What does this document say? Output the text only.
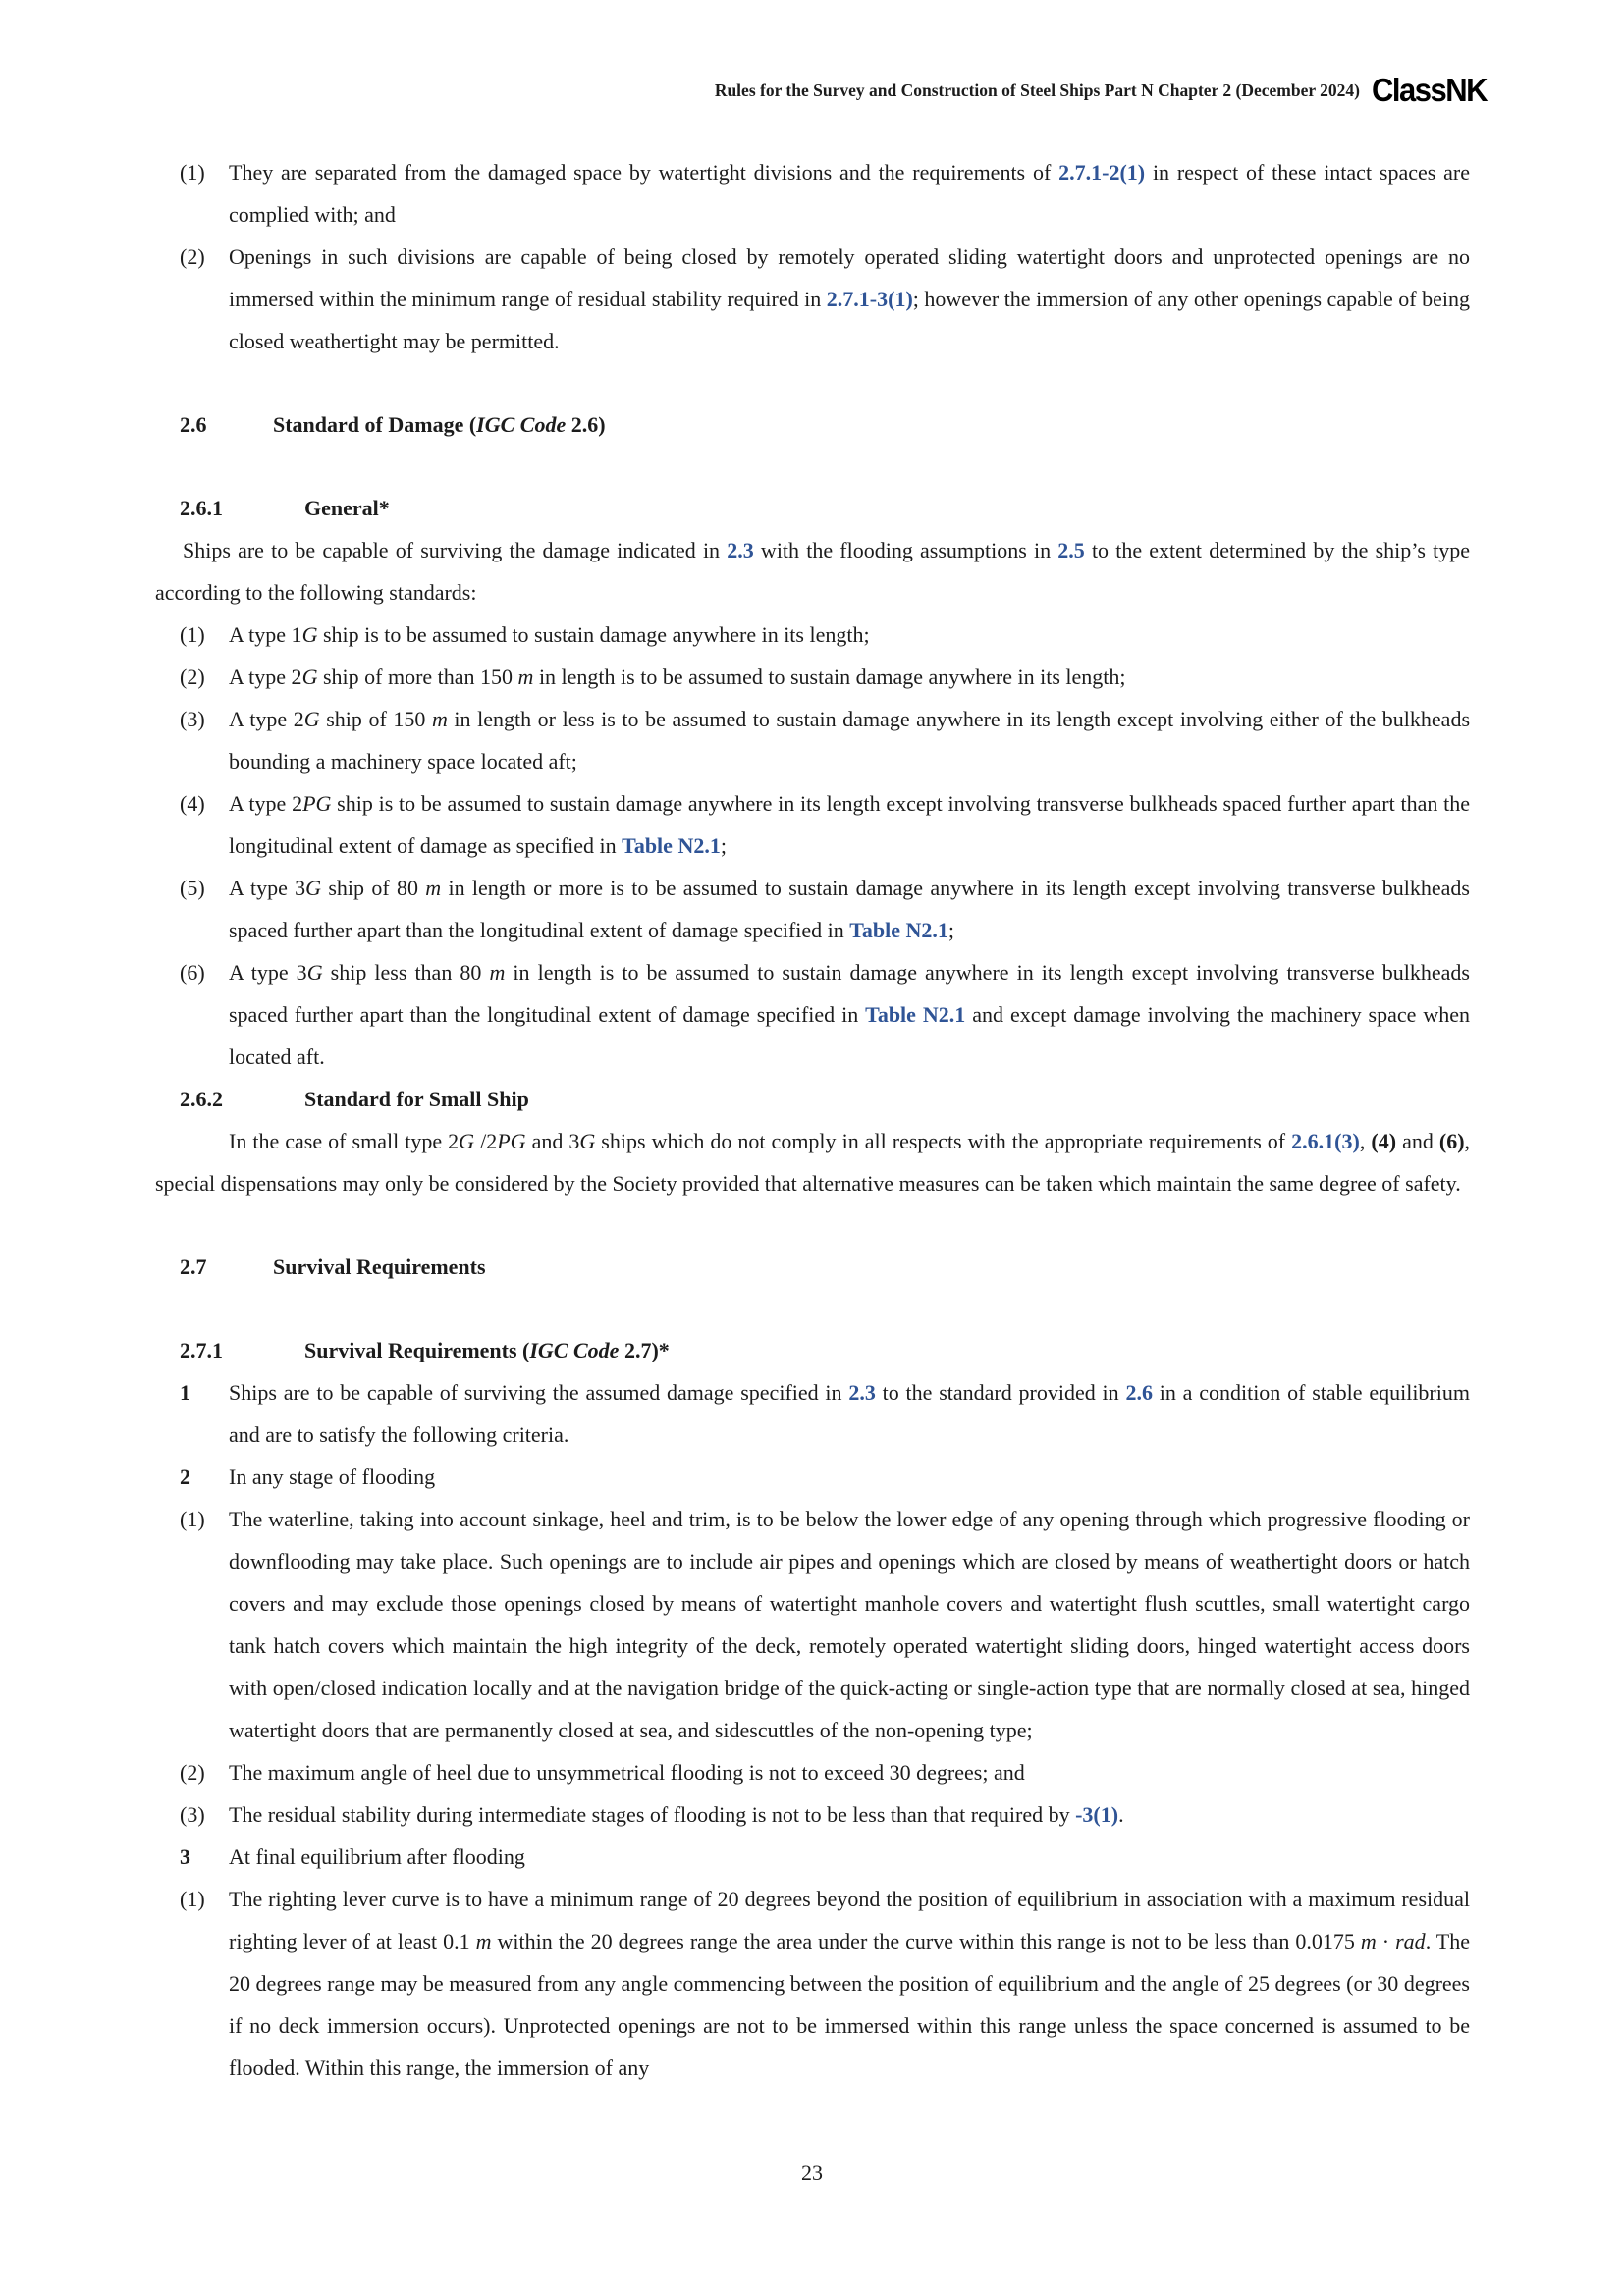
Rules for the Survey and Construction of Steel Ships Part N Chapter 2 (December 2024) ClassNK
(1) They are separated from the damaged space by watertight divisions and the requirements of 2.7.1-2(1) in respect of these intact spaces are complied with; and
(2) Openings in such divisions are capable of being closed by remotely operated sliding watertight doors and unprotected openings are no immersed within the minimum range of residual stability required in 2.7.1-3(1); however the immersion of any other openings capable of being closed weathertight may be permitted.
2.6	Standard of Damage (IGC Code 2.6)
2.6.1	General*
Ships are to be capable of surviving the damage indicated in 2.3 with the flooding assumptions in 2.5 to the extent determined by the ship’s type according to the following standards:
(1) A type 1G ship is to be assumed to sustain damage anywhere in its length;
(2) A type 2G ship of more than 150 m in length is to be assumed to sustain damage anywhere in its length;
(3) A type 2G ship of 150 m in length or less is to be assumed to sustain damage anywhere in its length except involving either of the bulkheads bounding a machinery space located aft;
(4) A type 2PG ship is to be assumed to sustain damage anywhere in its length except involving transverse bulkheads spaced further apart than the longitudinal extent of damage as specified in Table N2.1;
(5) A type 3G ship of 80 m in length or more is to be assumed to sustain damage anywhere in its length except involving transverse bulkheads spaced further apart than the longitudinal extent of damage specified in Table N2.1;
(6) A type 3G ship less than 80 m in length is to be assumed to sustain damage anywhere in its length except involving transverse bulkheads spaced further apart than the longitudinal extent of damage specified in Table N2.1 and except damage involving the machinery space when located aft.
2.6.2	Standard for Small Ship
In the case of small type 2G /2PG and 3G ships which do not comply in all respects with the appropriate requirements of 2.6.1(3), (4) and (6), special dispensations may only be considered by the Society provided that alternative measures can be taken which maintain the same degree of safety.
2.7	Survival Requirements
2.7.1	Survival Requirements (IGC Code 2.7)*
1 Ships are to be capable of surviving the assumed damage specified in 2.3 to the standard provided in 2.6 in a condition of stable equilibrium and are to satisfy the following criteria.
2 In any stage of flooding
(1) The waterline, taking into account sinkage, heel and trim, is to be below the lower edge of any opening through which progressive flooding or downflooding may take place. Such openings are to include air pipes and openings which are closed by means of weathertight doors or hatch covers and may exclude those openings closed by means of watertight manhole covers and watertight flush scuttles, small watertight cargo tank hatch covers which maintain the high integrity of the deck, remotely operated watertight sliding doors, hinged watertight access doors with open/closed indication locally and at the navigation bridge of the quick-acting or single-action type that are normally closed at sea, hinged watertight doors that are permanently closed at sea, and sidescuttles of the non-opening type;
(2) The maximum angle of heel due to unsymmetrical flooding is not to exceed 30 degrees; and
(3) The residual stability during intermediate stages of flooding is not to be less than that required by -3(1).
3 At final equilibrium after flooding
(1) The righting lever curve is to have a minimum range of 20 degrees beyond the position of equilibrium in association with a maximum residual righting lever of at least 0.1 m within the 20 degrees range the area under the curve within this range is not to be less than 0.0175 m · rad. The 20 degrees range may be measured from any angle commencing between the position of equilibrium and the angle of 25 degrees (or 30 degrees if no deck immersion occurs). Unprotected openings are not to be immersed within this range unless the space concerned is assumed to be flooded. Within this range, the immersion of any
23
